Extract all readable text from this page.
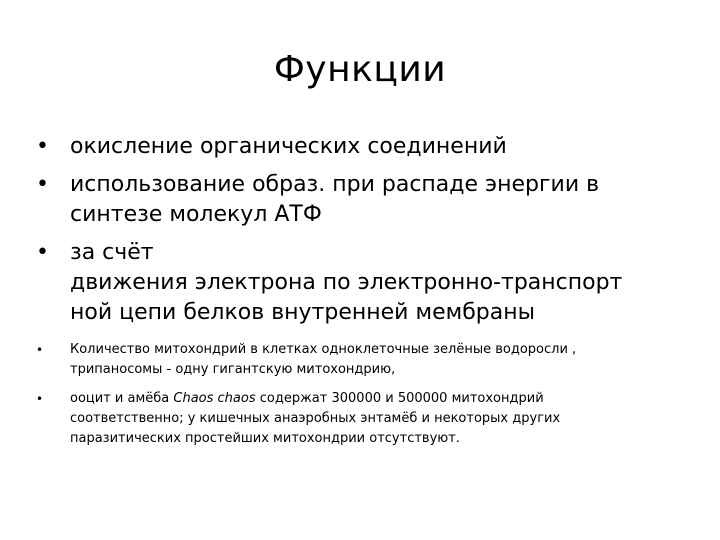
Функции
• окисление органических соединений
• использование образ. при распаде энергии в
синтезе молекул АТФ
• за счёт
движения электрона по электронно-транспорт
ной цепи белков внутренней мембраны
• Количество митохондрий в клетках одноклеточные зелёные водоросли ,
трипаносомы - одну гигантскую митохондрию,
• ооцит и амёба Chaos chaos содержат 300000 и 500000 митохондрий
соответственно; у кишечных анаэробных энтамёб и некоторых других
паразитических простейших митохондрии отсутствуют.
